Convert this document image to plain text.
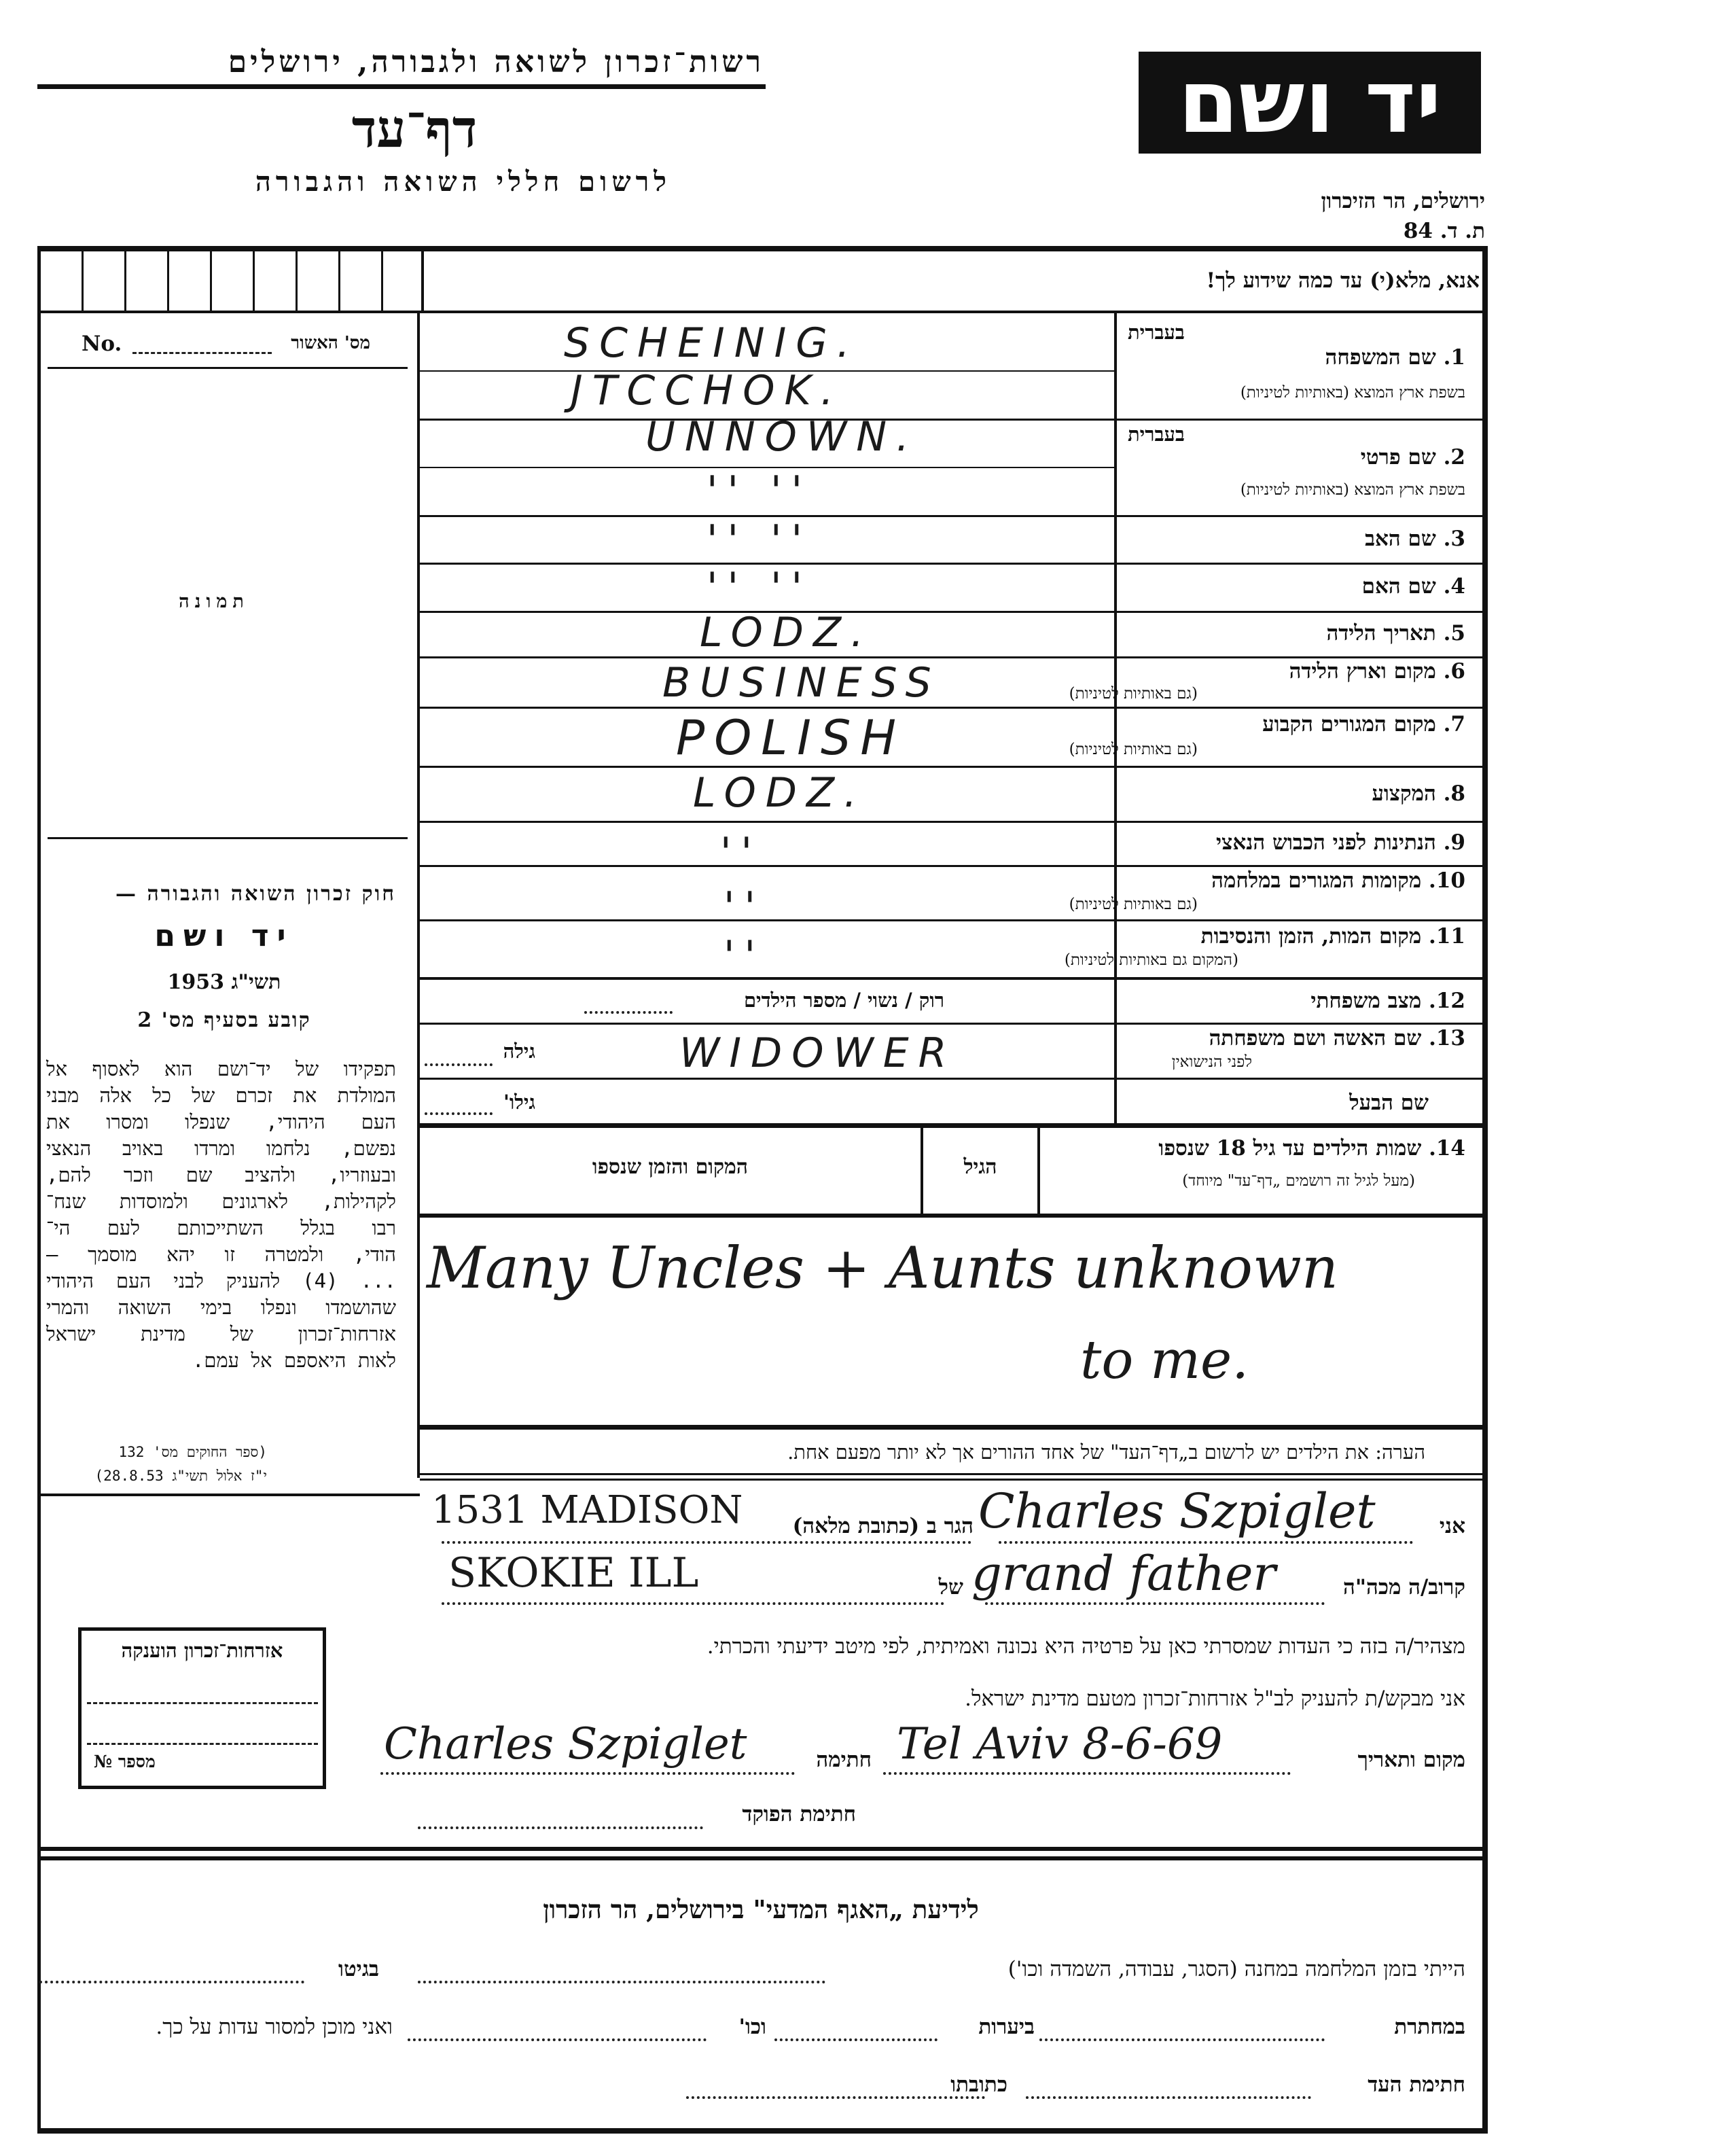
רשות־זכרון לשואה ולגבורה, ירושלים
דף־עד
לרשום חללי השואה והגבורה
יד ושם
ירושלים, הר הזיכרון
ת. ד. 84
אנא, מלא(י) עד כמה שידוע לך!
No.	מס' האשור
תמונה
חוק זכרון השואה והגבורה —
יד ושם
תשי"ג 1953
קובע בסעיף מס' 2
תפקידו של יד־ושם הוא לאסוף אל
המולדת את זכרם של כל אלה מבני
העם היהודי, שנפלו ומסרו את
נפשם, נלחמו ומרדו באויב הנאצי
ובעוזריו, ולהציב שם וזכר להם,
לקהילות, לארגונים ולמוסדות שנח־
רבו בגלל השתייכותם לעם הי־
הודי, ולמטרה זו יהא מוסמך —
... (4) להעניק לבני העם היהודי
שהושמדו ונפלו בימי השואה והמרי
אזרחות־זכרון של מדינת ישראל
לאות היאספם אל עמם.
(ספר החוקים מס' 132
י"ז אלול תשי"ג 28.8.53)
בעברית
1. שם המשפחה
בשפת ארץ המוצא (באותיות לטיניות)
בעברית
2. שם פרטי
בשפת ארץ המוצא (באותיות לטיניות)
3. שם האב
4. שם האם
5. תאריך הלידה
6. מקום וארץ הלידה
(גם באותיות לטיניות)
7. מקום המגורים הקבוע
(גם באותיות לטיניות)
8. המקצוע
9. הנתינות לפני הכבוש הנאצי
10. מקומות המגורים במלחמה
(גם באותיות לטיניות)
11. מקום המות, הזמן והנסיבות
(המקום גם באותיות לטיניות)
12. מצב משפחתי
רוק / נשוי / מספר הילדים
13. שם האשה ושם משפחתה
לפני הנישואין
גילה
שם הבעל
גילו'
SCHEINIG.
JTCCHOK.
UNNOWN.
'' ''
'' ''
'' ''
LODZ.
BUSINESS
POLISH
LODZ.
''
''
''
WIDOWER
14. שמות הילדים עד גיל 18 שנספו
(מעל לגיל זה רושמים „דף־עד" מיוחד)
הגיל
המקום והזמן שנספו
Many Uncles + Aunts unknown
to me.
הערה: את הילדים יש לרשום ב„דף־העד" של אחד ההורים אך לא יותר מפעם אחת.
אני
Charles Szpiglet
הגר ב (כתובת מלאה)
1531 MADISON
קרוב/ה מכה"ה
grand father
של
SKOKIE ILL
מצהיר/ה בזה כי העדות שמסרתי כאן על פרטיה היא נכונה ואמיתית, לפי מיטב ידיעתי והכרתי.
אני מבקש/ת להעניק לב"ל אזרחות־זכרון מטעם מדינת ישראל.
מקום ותאריך
Tel Aviv 8-6-69
חתימה
Charles Szpiglet
חתימת הפוקד
אזרחות־זכרון הוענקה
№ מספר
לידיעת „האגף המדעי" בירושלים, הר הזכרון
הייתי בזמן המלחמה במחנה (הסגר, עבודה, השמדה וכו')
בגיטו
במחתרת
ביערות
וכו'
ואני מוכן למסור עדות על כך.
חתימת העד
כתובתו
